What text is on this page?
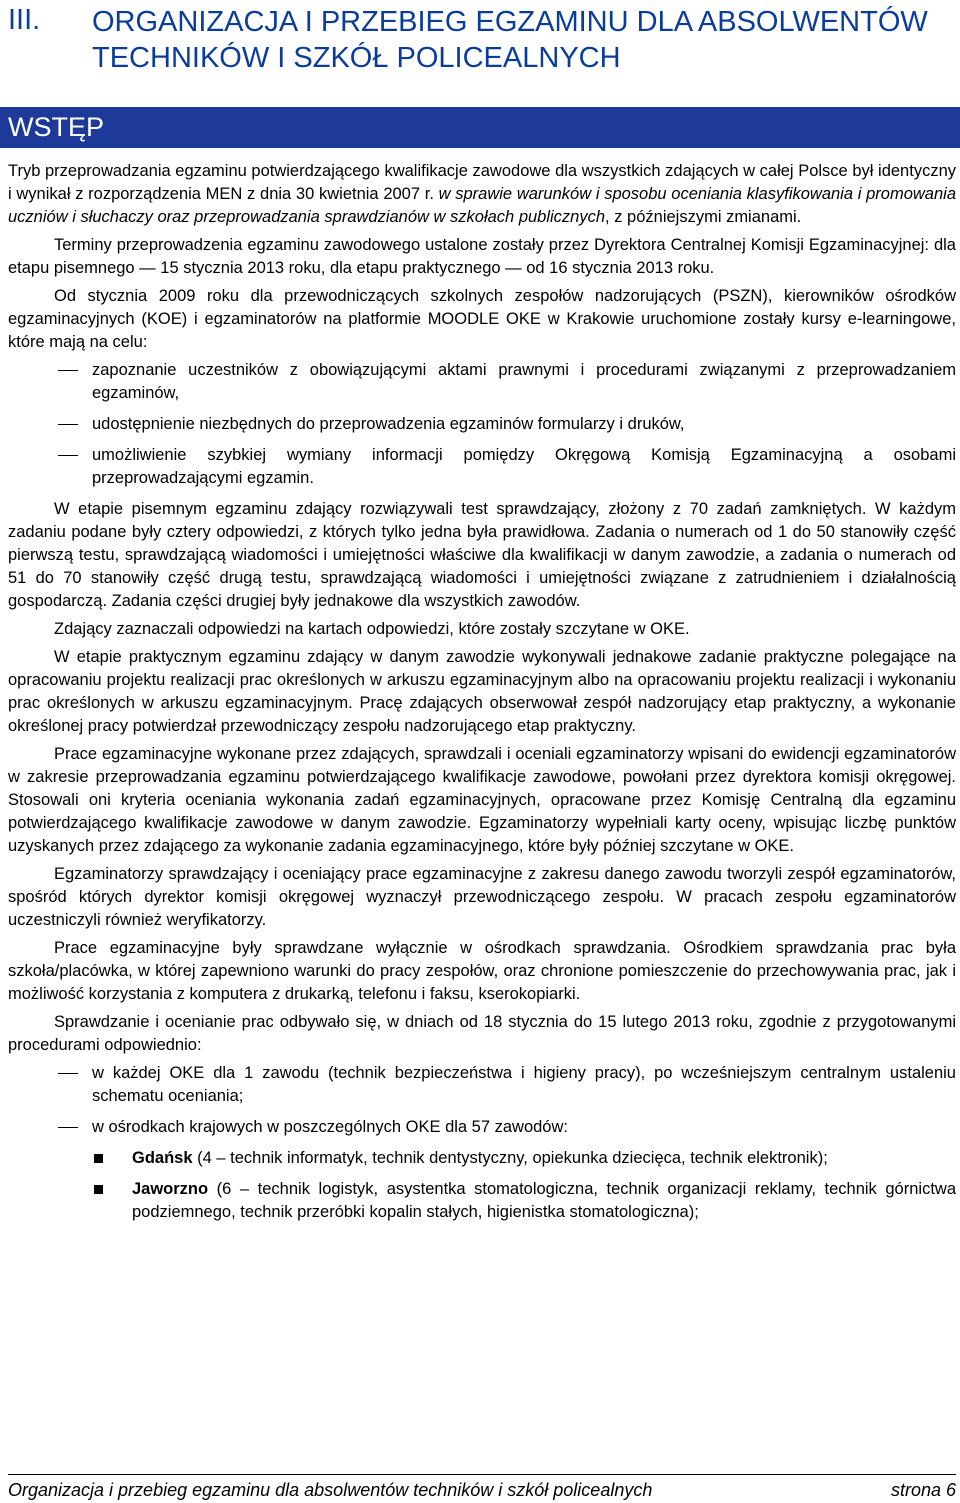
III. ORGANIZACJA I PRZEBIEG EGZAMINU DLA ABSOLWENTÓW TECHNIKÓW I SZKÓŁ POLICEALNYCH
WSTĘP

Tryb przeprowadzania egzaminu potwierdzającego kwalifikacje zawodowe dla wszystkich zdających w całej Polsce był identyczny i wynikał z rozporządzenia MEN z dnia 30 kwietnia 2007 r. w sprawie warunków i sposobu oceniania klasyfikowania i promowania uczniów i słuchaczy oraz przeprowadzania sprawdzianów w szkołach publicznych, z późniejszymi zmianami.

Terminy przeprowadzenia egzaminu zawodowego ustalone zostały przez Dyrektora Centralnej Komisji Egzaminacyjnej: dla etapu pisemnego — 15 stycznia 2013 roku, dla etapu praktycznego — od 16 stycznia 2013 roku.

Od stycznia 2009 roku dla przewodniczących szkolnych zespołów nadzorujących (PSZN), kierowników ośrodków egzaminacyjnych (KOE) i egzaminatorów na platformie MOODLE OKE w Krakowie uruchomione zostały kursy e-learningowe, które mają na celu:

zapoznanie uczestników z obowiązującymi aktami prawnymi i procedurami związanymi z przeprowadzaniem egzaminów,
udostępnienie niezbędnych do przeprowadzenia egzaminów formularzy i druków,
umożliwienie szybkiej wymiany informacji pomiędzy Okręgową Komisją Egzaminacyjną a osobami przeprowadzającymi egzamin.

W etapie pisemnym egzaminu zdający rozwiązywali test sprawdzający, złożony z 70 zadań zamkniętych. W każdym zadaniu podane były cztery odpowiedzi, z których tylko jedna była prawidłowa. Zadania o numerach od 1 do 50 stanowiły część pierwszą testu, sprawdzającą wiadomości i umiejętności właściwe dla kwalifikacji w danym zawodzie, a zadania o numerach od 51 do 70 stanowiły część drugą testu, sprawdzającą wiadomości i umiejętności związane z zatrudnieniem i działalnością gospodarczą. Zadania części drugiej były jednakowe dla wszystkich zawodów.

Zdający zaznaczali odpowiedzi na kartach odpowiedzi, które zostały szczytane w OKE.

W etapie praktycznym egzaminu zdający w danym zawodzie wykonywali jednakowe zadanie praktyczne polegające na opracowaniu projektu realizacji prac określonych w arkuszu egzaminacyjnym albo na opracowaniu projektu realizacji i wykonaniu prac określonych w arkuszu egzaminacyjnym. Pracę zdających obserwował zespół nadzorujący etap praktyczny, a wykonanie określonej pracy potwierdzał przewodniczący zespołu nadzorującego etap praktyczny.

Prace egzaminacyjne wykonane przez zdających, sprawdzali i oceniali egzaminatorzy wpisani do ewidencji egzaminatorów w zakresie przeprowadzania egzaminu potwierdzającego kwalifikacje zawodowe, powołani przez dyrektora komisji okręgowej. Stosowali oni kryteria oceniania wykonania zadań egzaminacyjnych, opracowane przez Komisję Centralną dla egzaminu potwierdzającego kwalifikacje zawodowe w danym zawodzie. Egzaminatorzy wypełniali karty oceny, wpisując liczbę punktów uzyskanych przez zdającego za wykonanie zadania egzaminacyjnego, które były później szczytane w OKE.

Egzaminatorzy sprawdzający i oceniający prace egzaminacyjne z zakresu danego zawodu tworzyli zespół egzaminatorów, spośród których dyrektor komisji okręgowej wyznaczył przewodniczącego zespołu. W pracach zespołu egzaminatorów uczestniczyli również weryfikatorzy.

Prace egzaminacyjne były sprawdzane wyłącznie w ośrodkach sprawdzania. Ośrodkiem sprawdzania prac była szkoła/placówka, w której zapewniono warunki do pracy zespołów, oraz chronione pomieszczenie do przechowywania prac, jak i możliwość korzystania z komputera z drukarką, telefonu i faksu, kserokopiarki.

Sprawdzanie i ocenianie prac odbywało się, w dniach od 18 stycznia do 15 lutego 2013 roku, zgodnie z przygotowanymi procedurami odpowiednio:

w każdej OKE dla 1 zawodu (technik bezpieczeństwa i higieny pracy), po wcześniejszym centralnym ustaleniu schematu oceniania;
w ośrodkach krajowych w poszczególnych OKE dla 57 zawodów:
Gdańsk (4 – technik informatyk, technik dentystyczny, opiekunka dziecięca, technik elektronik);
Jaworzno (6 – technik logistyk, asystentka stomatologiczna, technik organizacji reklamy, technik górnictwa podziemnego, technik przeróbki kopalin stałych, higienistka stomatologiczna);
Organizacja i przebieg egzaminu dla absolwentów techników i szkół policealnych	strona 6
